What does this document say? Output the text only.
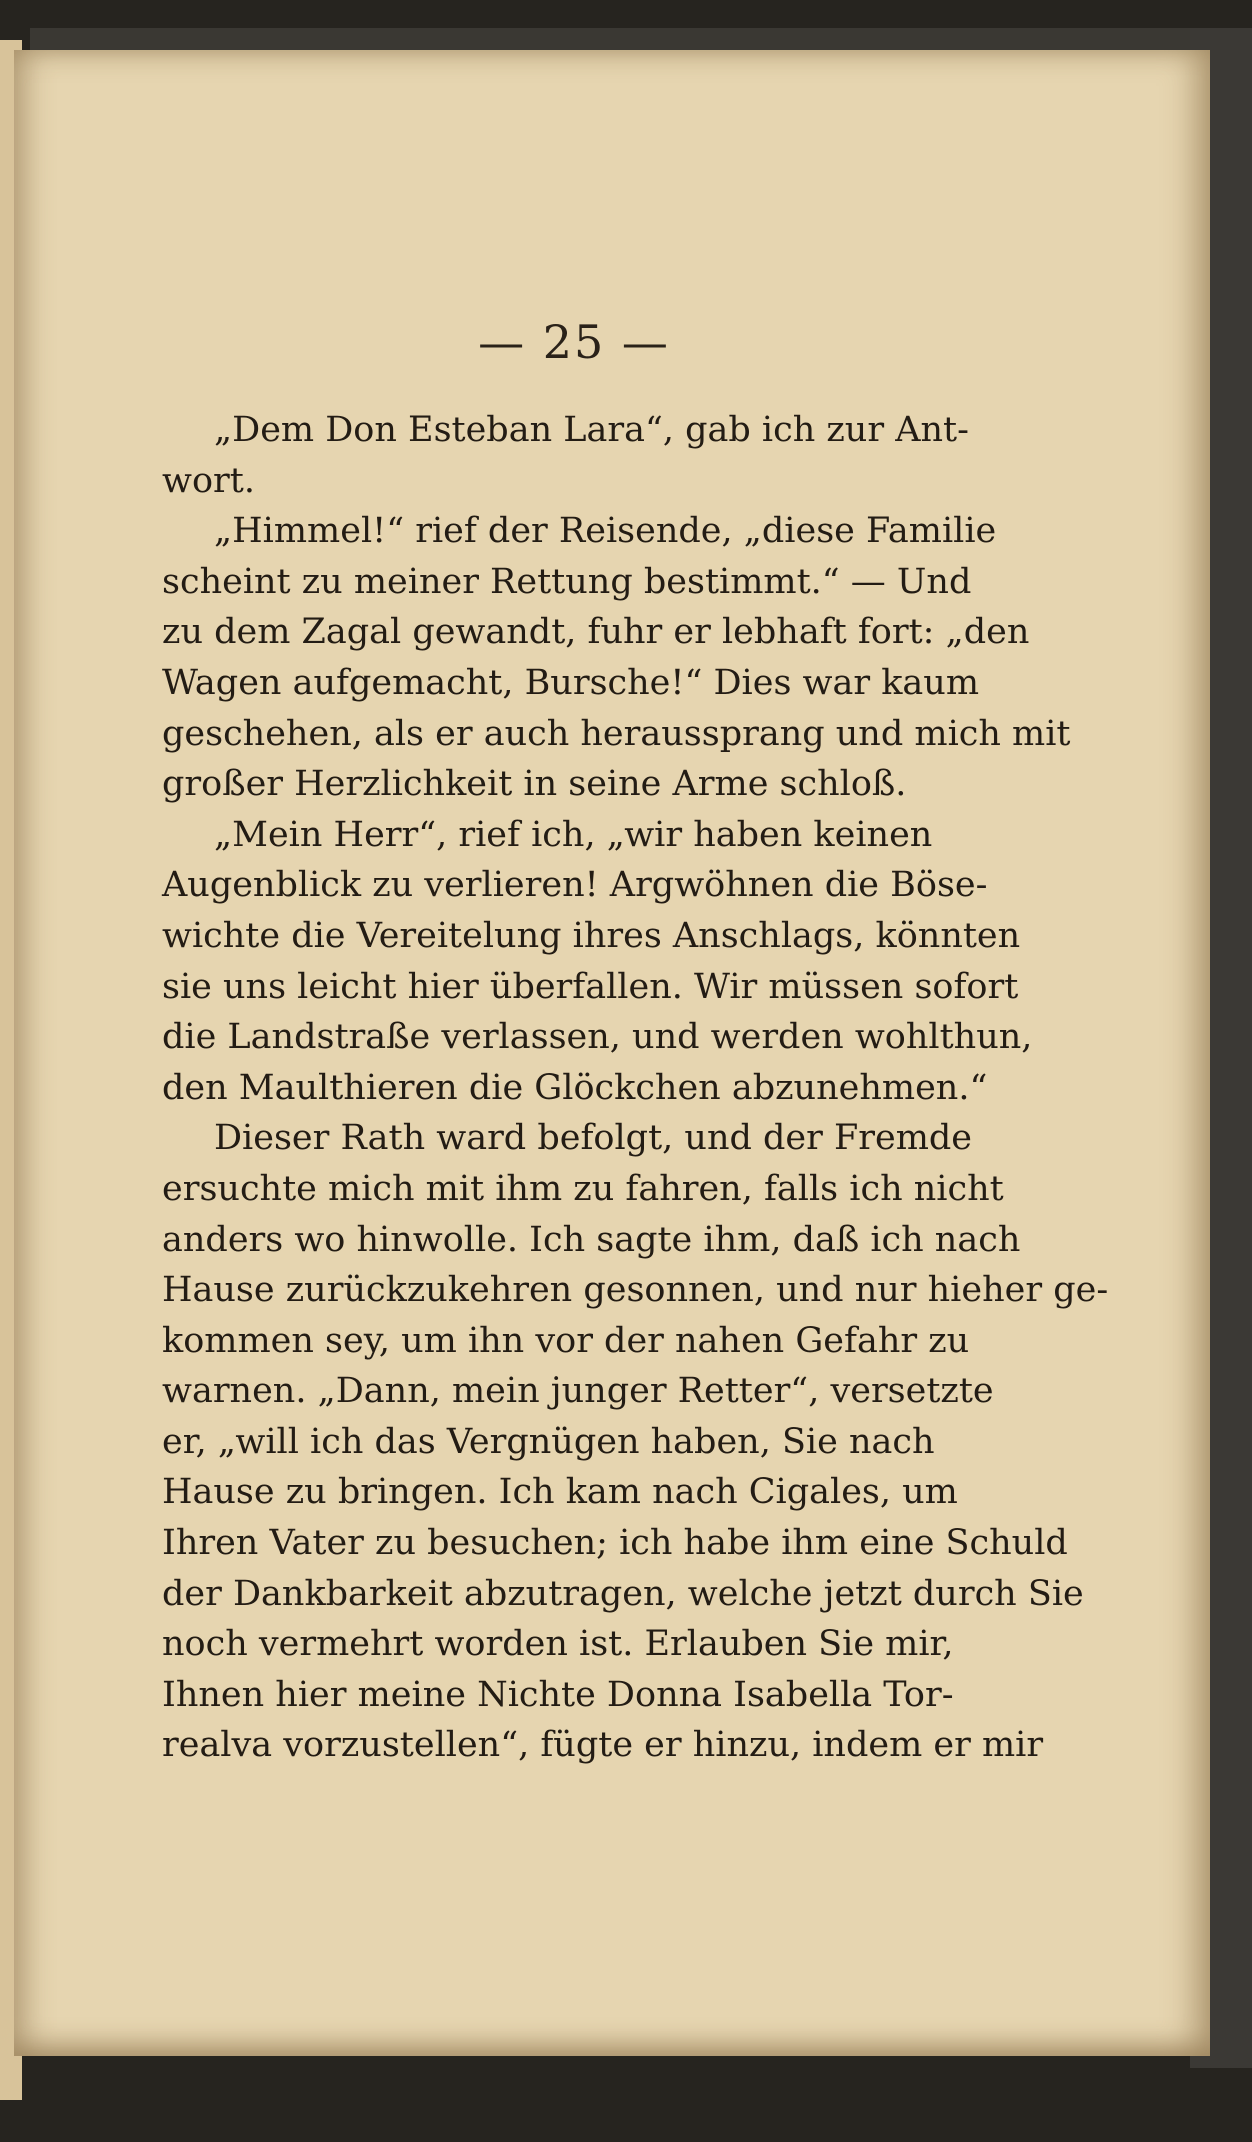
— 25 —
„Dem Don Esteban Lara“, gab ich zur Ant-
wort.
„Himmel!“ rief der Reisende, „diese Familie
scheint zu meiner Rettung bestimmt.“ — Und
zu dem Zagal gewandt, fuhr er lebhaft fort: „den
Wagen aufgemacht, Bursche!“ Dies war kaum
geschehen, als er auch heraussprang und mich mit
großer Herzlichkeit in seine Arme schloß.
„Mein Herr“, rief ich, „wir haben keinen
Augenblick zu verlieren! Argwöhnen die Böse-
wichte die Vereitelung ihres Anschlags, könnten
sie uns leicht hier überfallen. Wir müssen sofort
die Landstraße verlassen, und werden wohlthun,
den Maulthieren die Glöckchen abzunehmen.“
Dieser Rath ward befolgt, und der Fremde
ersuchte mich mit ihm zu fahren, falls ich nicht
anders wo hinwolle. Ich sagte ihm, daß ich nach
Hause zurückzukehren gesonnen, und nur hieher ge-
kommen sey, um ihn vor der nahen Gefahr zu
warnen. „Dann, mein junger Retter“, versetzte
er, „will ich das Vergnügen haben, Sie nach
Hause zu bringen. Ich kam nach Cigales, um
Ihren Vater zu besuchen; ich habe ihm eine Schuld
der Dankbarkeit abzutragen, welche jetzt durch Sie
noch vermehrt worden ist. Erlauben Sie mir,
Ihnen hier meine Nichte Donna Isabella Tor-
realva vorzustellen“, fügte er hinzu, indem er mir
